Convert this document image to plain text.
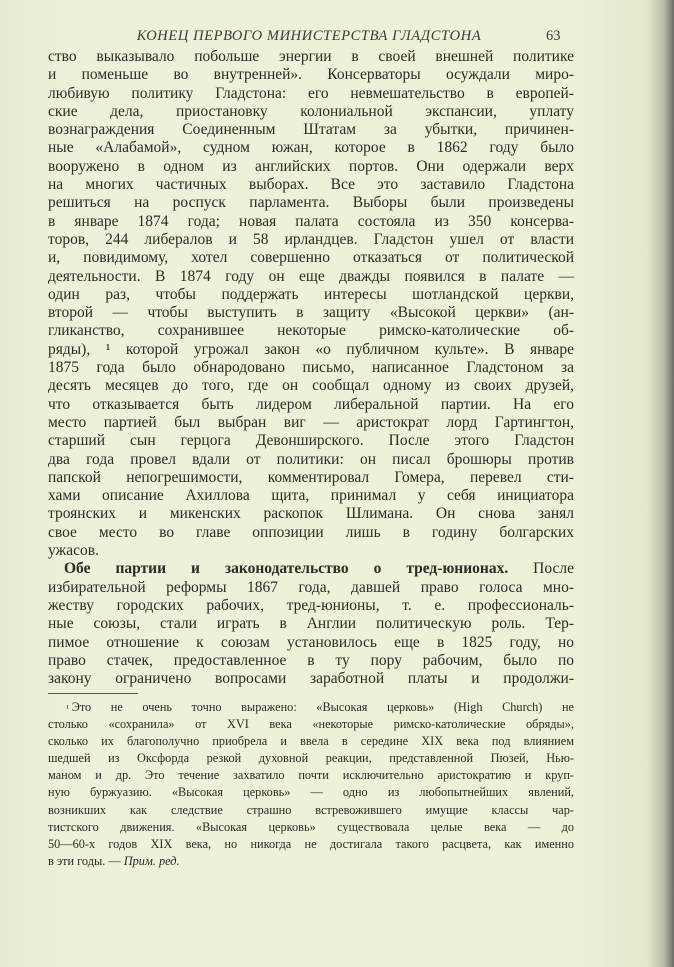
КОНЕЦ ПЕРВОГО МИНИСТЕРСТВА ГЛАДСТОНА	63
ство выказывало побольше энергии в своей внешней политике
и поменьше во внутренней». Консерваторы осуждали миро-
любивую политику Гладстона: его невмешательство в европей-
ские дела, приостановку колониальной экспансии, уплату
вознаграждения Соединенным Штатам за убытки, причинен-
ные «Алабамой», судном южан, которое в 1862 году было
вооружено в одном из английских портов. Они одержали верх
на многих частичных выборах. Все это заставило Гладстона
решиться на роспуск парламента. Выборы были произведены
в январе 1874 года; новая палата состояла из 350 консерва-
торов, 244 либералов и 58 ирландцев. Гладстон ушел от власти
и, повидимому, хотел совершенно отказаться от политической
деятельности. В 1874 году он еще дважды появился в палате —
один раз, чтобы поддержать интересы шотландской церкви,
второй — чтобы выступить в защиту «Высокой церкви» (ан-
гликанство, сохранившее некоторые римско-католические об-
ряды), ¹ которой угрожал закон «о публичном культе». В январе
1875 года было обнародовано письмо, написанное Гладстоном за
десять месяцев до того, где он сообщал одному из своих друзей,
что отказывается быть лидером либеральной партии. На его
место партией был выбран виг — аристократ лорд Гартингтон,
старший сын герцога Девонширского. После этого Гладстон
два года провел вдали от политики: он писал брошюры против
папской непогрешимости, комментировал Гомера, перевел сти-
хами описание Ахиллова щита, принимал у себя инициатора
троянских и микенских раскопок Шлимана. Он снова занял
свое место во главе оппозиции лишь в годину болгарских
ужасов.
Обе партии и законодательство о тред-юнионах. После
избирательной реформы 1867 года, давшей право голоса мно-
жеству городских рабочих, тред-юнионы, т. е. профессиональ-
ные союзы, стали играть в Англии политическую роль. Тер-
пимое отношение к союзам установилось еще в 1825 году, но
право стачек, предоставленное в ту пору рабочим, было по
закону ограничено вопросами заработной платы и продолжи-
¹ Это не очень точно выражено: «Высокая церковь» (High Church) не
столько «сохранила» от XVI века «некоторые римско-католические обряды»,
сколько их благополучно приобрела и ввела в середине XIX века под влиянием
шедшей из Оксфорда резкой духовной реакции, представленной Пюзей, Нью-
маном и др. Это течение захватило почти исключительно аристократию и круп-
ную буржуазию. «Высокая церковь» — одно из любопытнейших явлений,
возникших как следствие страшно встревожившего имущие классы чар-
тистского движения. «Высокая церковь» существовала целые века — до
50—60-х годов XIX века, но никогда не достигала такого расцвета, как именно
в эти годы. — Прим. ред.
